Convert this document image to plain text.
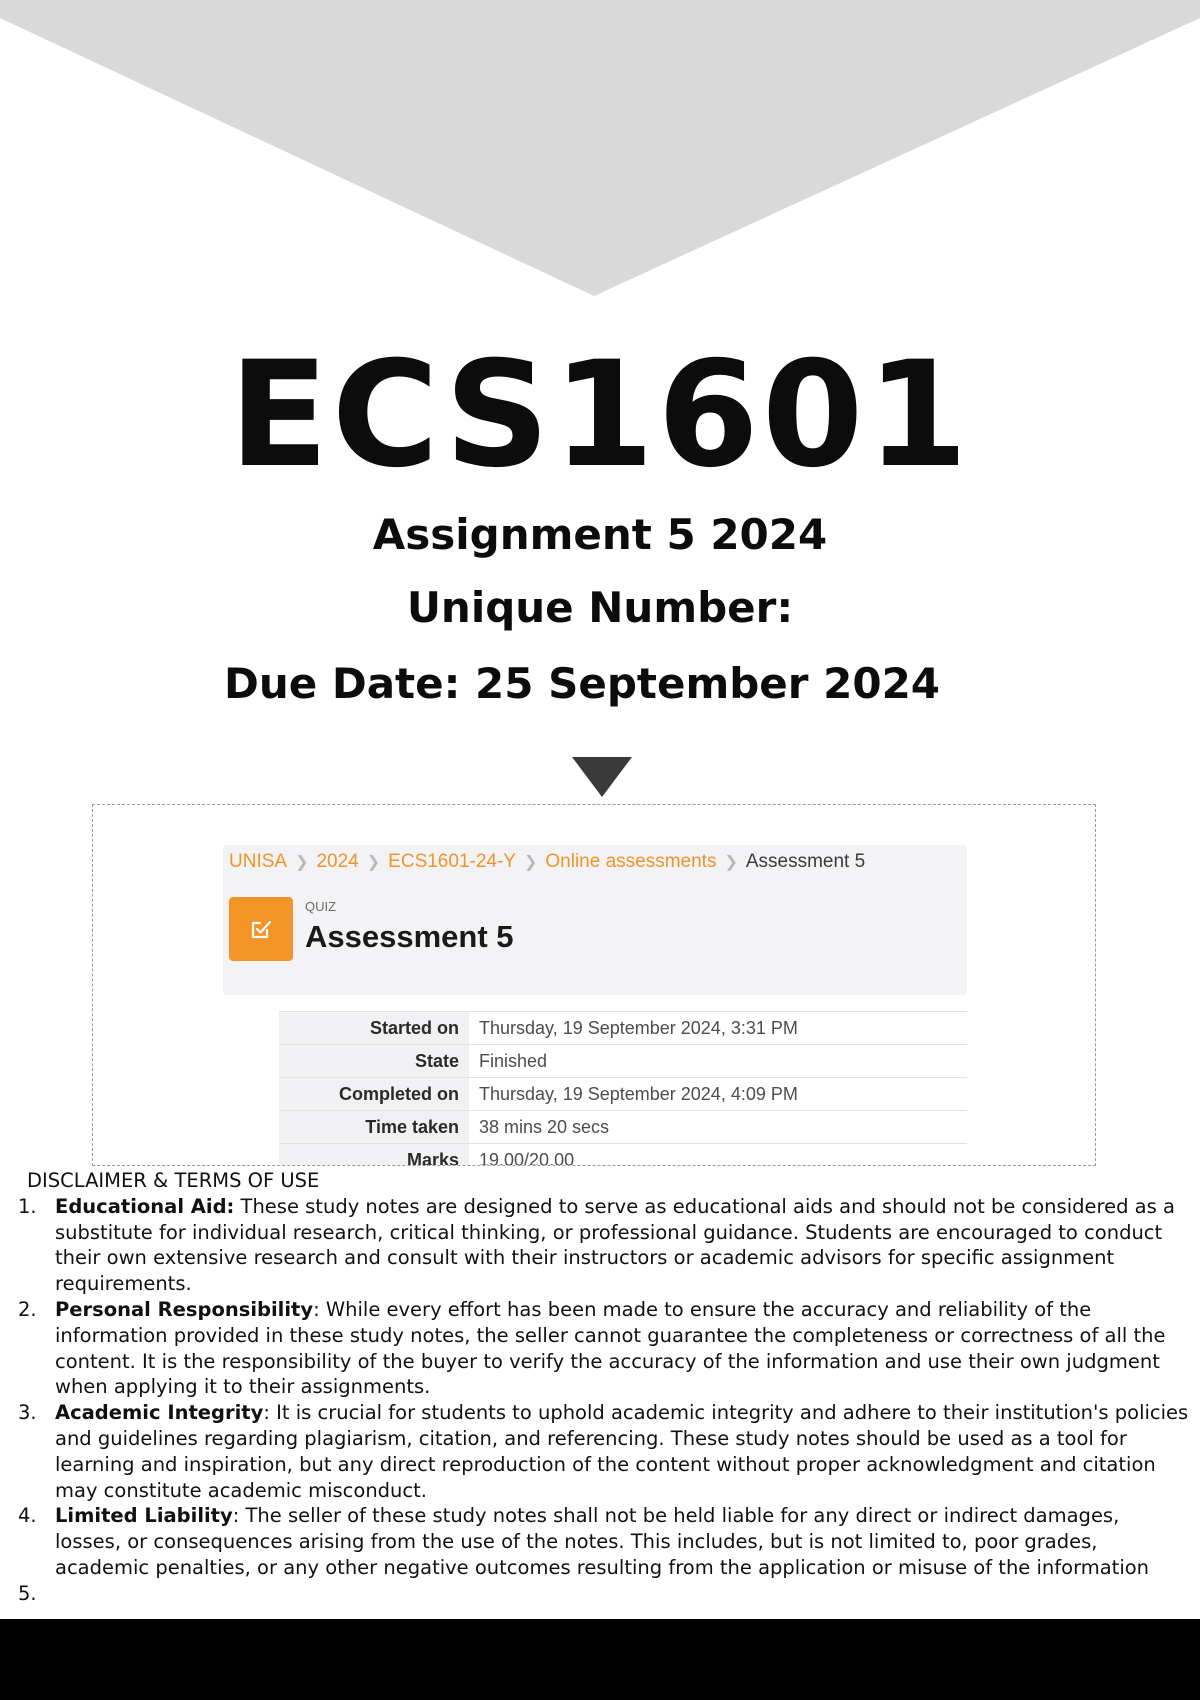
ECS1601
Assignment 5 2024
Unique Number:
Due Date: 25 September 2024
UNISA ❯ 2024 ❯ ECS1601-24-Y ❯ Online assessments ❯ Assessment 5
QUIZ
Assessment 5
Started on	Thursday, 19 September 2024, 3:31 PM
State	Finished
Completed on	Thursday, 19 September 2024, 4:09 PM
Time taken	38 mins 20 secs
Marks	19.00/20.00
DISCLAIMER & TERMS OF USE
1. Educational Aid: These study notes are designed to serve as educational aids and should not be considered as a substitute for individual research, critical thinking, or professional guidance. Students are encouraged to conduct their own extensive research and consult with their instructors or academic advisors for specific assignment requirements.
2. Personal Responsibility: While every effort has been made to ensure the accuracy and reliability of the information provided in these study notes, the seller cannot guarantee the completeness or correctness of all the content. It is the responsibility of the buyer to verify the accuracy of the information and use their own judgment when applying it to their assignments.
3. Academic Integrity: It is crucial for students to uphold academic integrity and adhere to their institution's policies and guidelines regarding plagiarism, citation, and referencing. These study notes should be used as a tool for learning and inspiration, but any direct reproduction of the content without proper acknowledgment and citation may constitute academic misconduct.
4. Limited Liability: The seller of these study notes shall not be held liable for any direct or indirect damages, losses, or consequences arising from the use of the notes. This includes, but is not limited to, poor grades, academic penalties, or any other negative outcomes resulting from the application or misuse of the information
5.
